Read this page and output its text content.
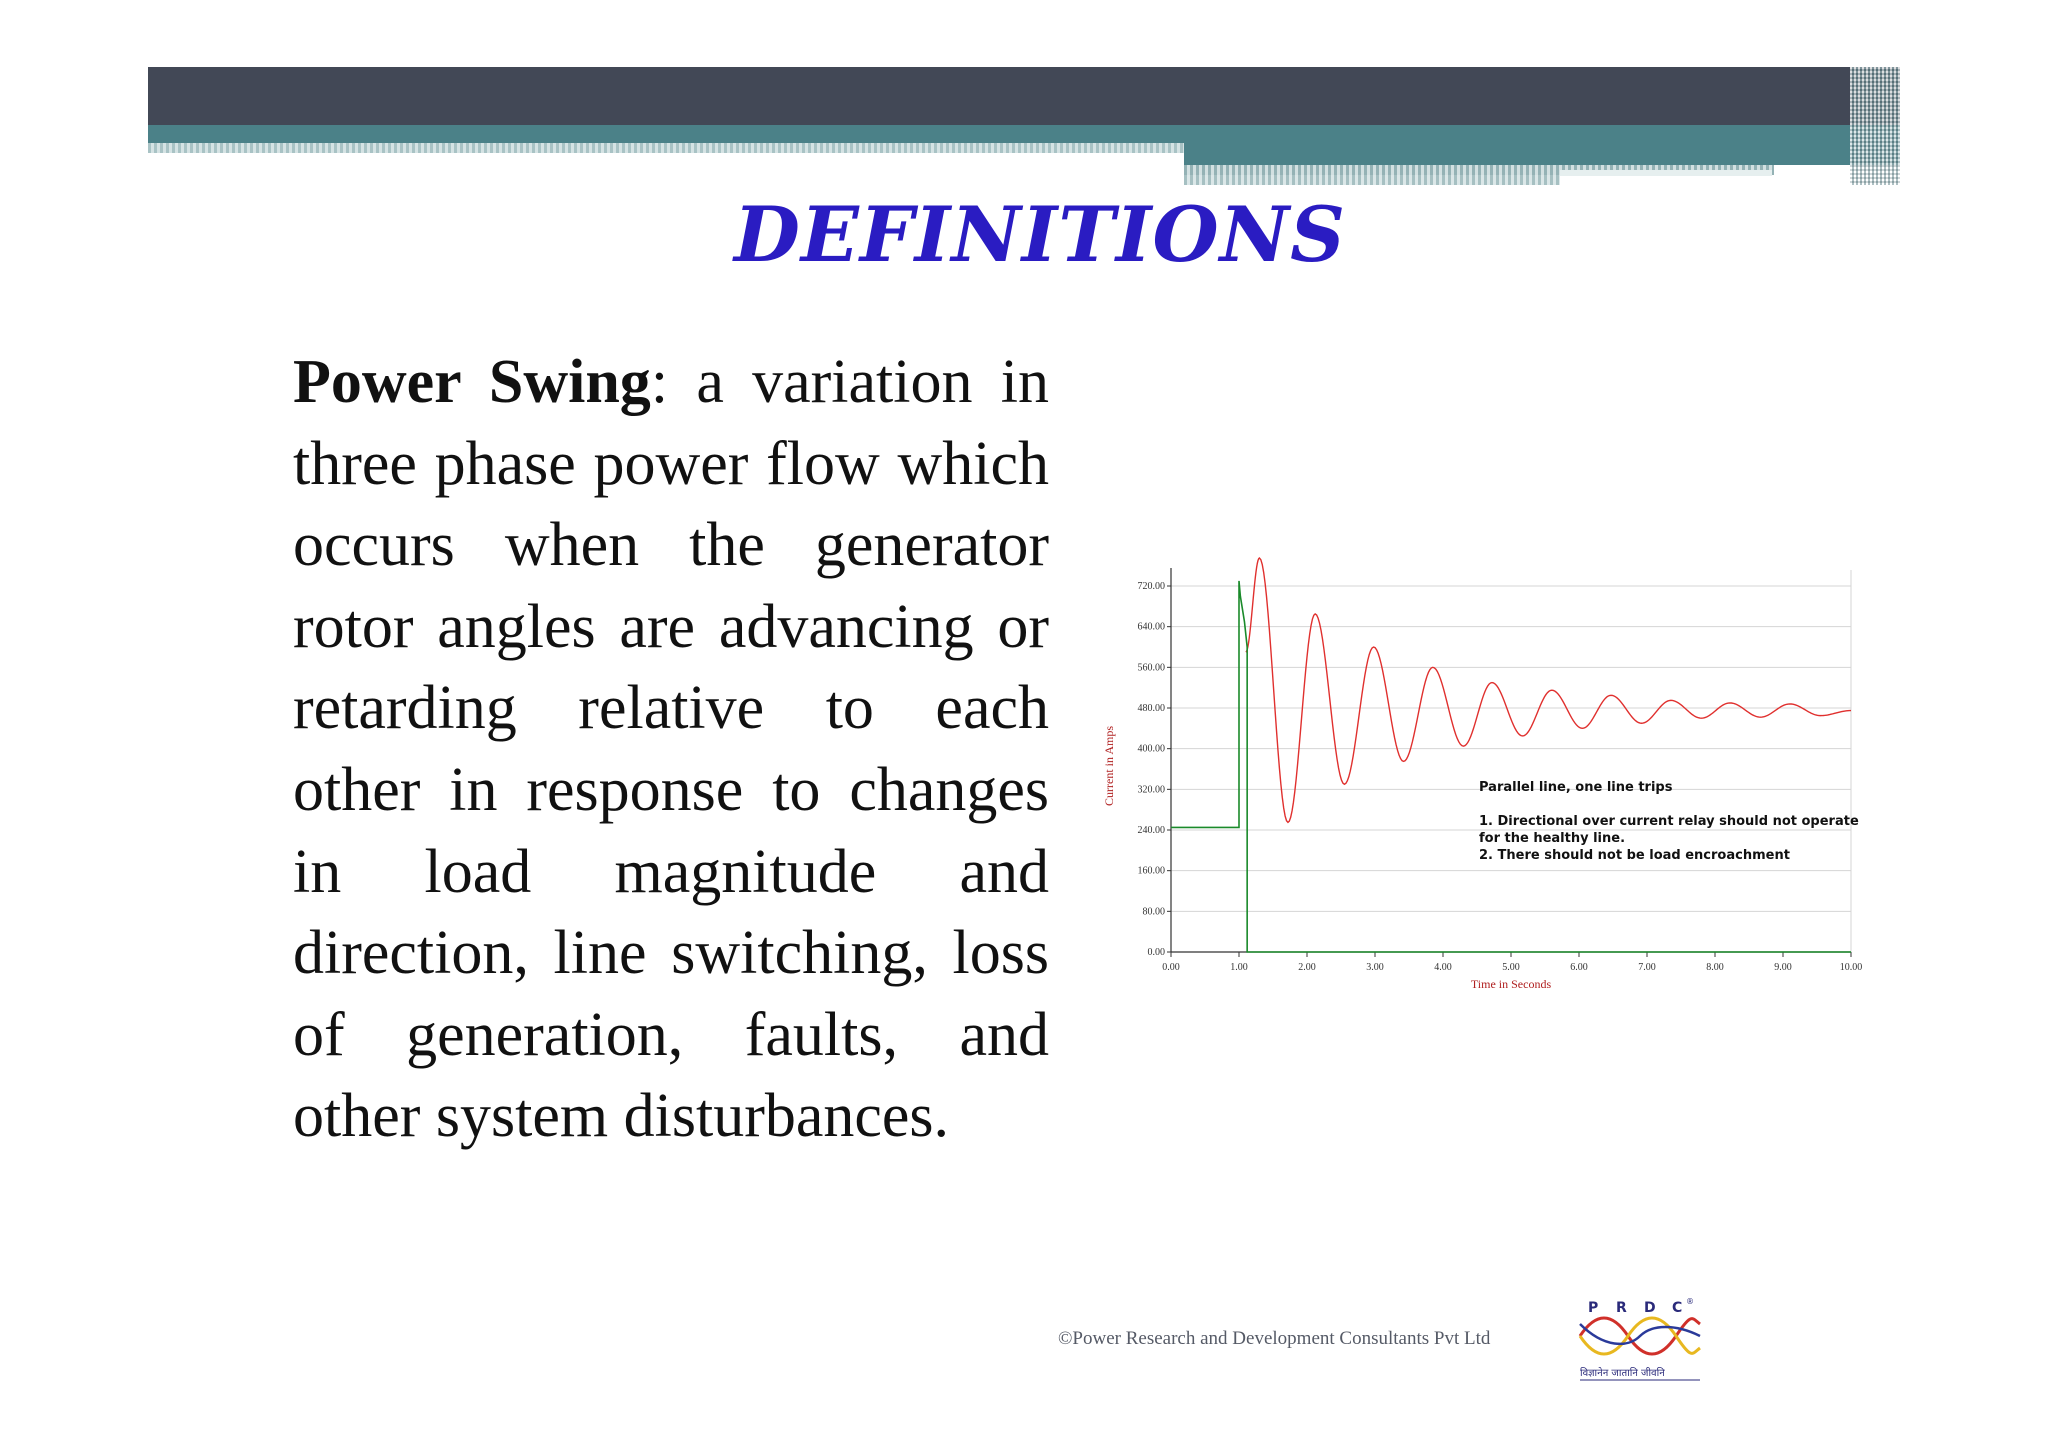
DEFINITIONS

Power Swing: a variation in three phase power flow which occurs when the generator rotor angles are advancing or retarding relative to each other in response to changes in load magnitude and direction, line switching, loss of generation, faults, and other system disturbances.

0.00
80.00
160.00
240.00
320.00
400.00
480.00
560.00
640.00
720.00
0.00	1.00	2.00	3.00	4.00	5.00	6.00	7.00	8.00	9.00	10.00
Time in Seconds
Current in Amps	Parallel line, one line trips
1. Directional over current relay should not operate
for the healthy line.
2. There should not be load encroachment
©Power Research and Development Consultants Pvt Ltd
P R D C ®
विज्ञानेन जातानि जीवनि
